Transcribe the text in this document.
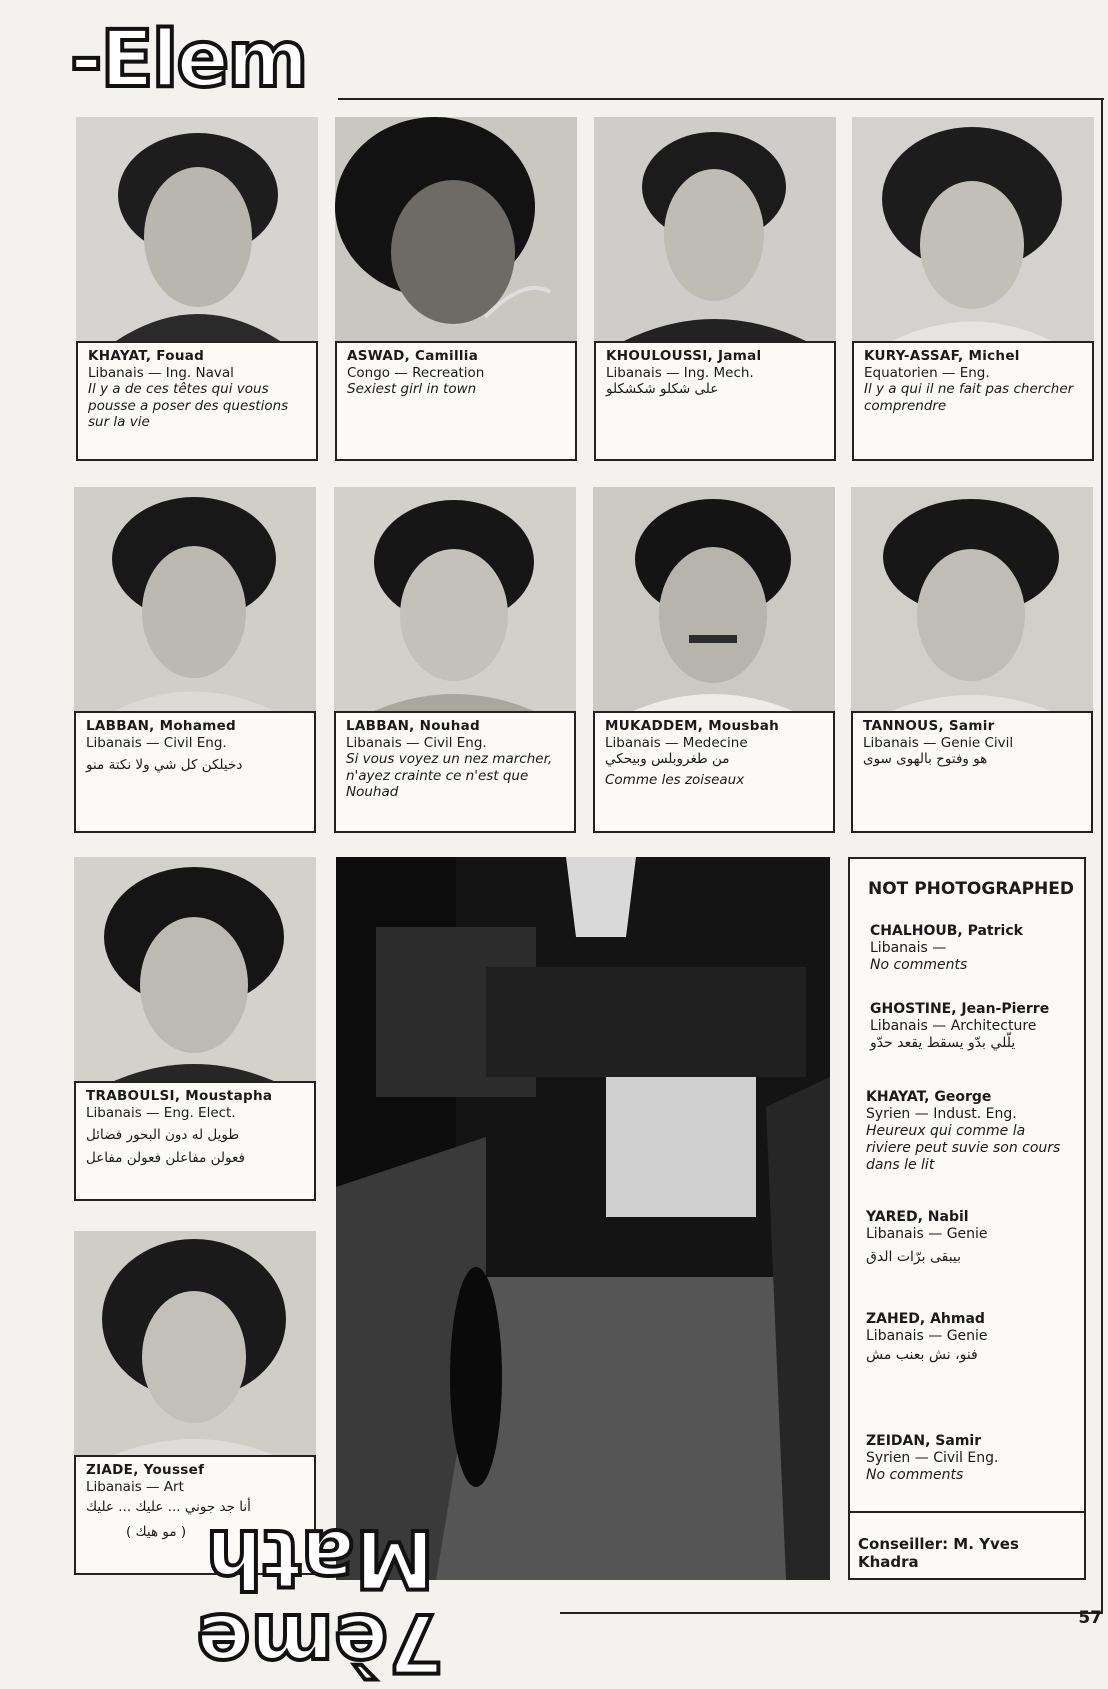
-Elem
KHAYAT, Fouad
Libanais — Ing. Naval
Il y a de ces têtes qui vous pousse a poser des questions sur la vie
ASWAD, Camillia
Congo — Recreation
Sexiest girl in town
KHOULOUSSI, Jamal
Libanais — Ing. Mech.
علی شکلو شکشکلو
KURY-ASSAF, Michel
Equatorien — Eng.
Il y a qui il ne fait pas chercher comprendre
LABBAN, Mohamed
Libanais — Civil Eng.
دخيلكن كل شي ولا نكتة منو
LABBAN, Nouhad
Libanais — Civil Eng.
Si vous voyez un nez marcher, n'ayez crainte ce n'est que Nouhad
MUKADDEM, Mousbah
Libanais — Medecine
من طغروبلس وبيحكي
Comme les zoiseaux
TANNOUS, Samir
Libanais — Genie Civil
هو وفتوح بالهوى سوى
TRABOULSI, Moustapha
Libanais — Eng. Elect.
طويل له دون البحور فضائل
فعولن مفاعلن فعولن مفاعل
ZIADE, Youssef
Libanais — Art
أنا جد جوني ... عليك ... عليك
( مو هيك )
NOT PHOTOGRAPHED
CHALHOUB, Patrick
Libanais —
No comments
GHOSTINE, Jean-Pierre
Libanais — Architecture
يلّلي بدّو يسقط يقعد حدّو
KHAYAT, George
Syrien — Indust. Eng.
Heureux qui comme la riviere peut suvie son cours dans le lit
YARED, Nabil
Libanais — Genie
بيبقى برّات الدق
ZAHED, Ahmad
Libanais — Genie
فنو، نش بعنب مش
ZEIDAN, Samir
Syrien — Civil Eng.
No comments
Conseiller: M. Yves Khadra
7ème Math
57
